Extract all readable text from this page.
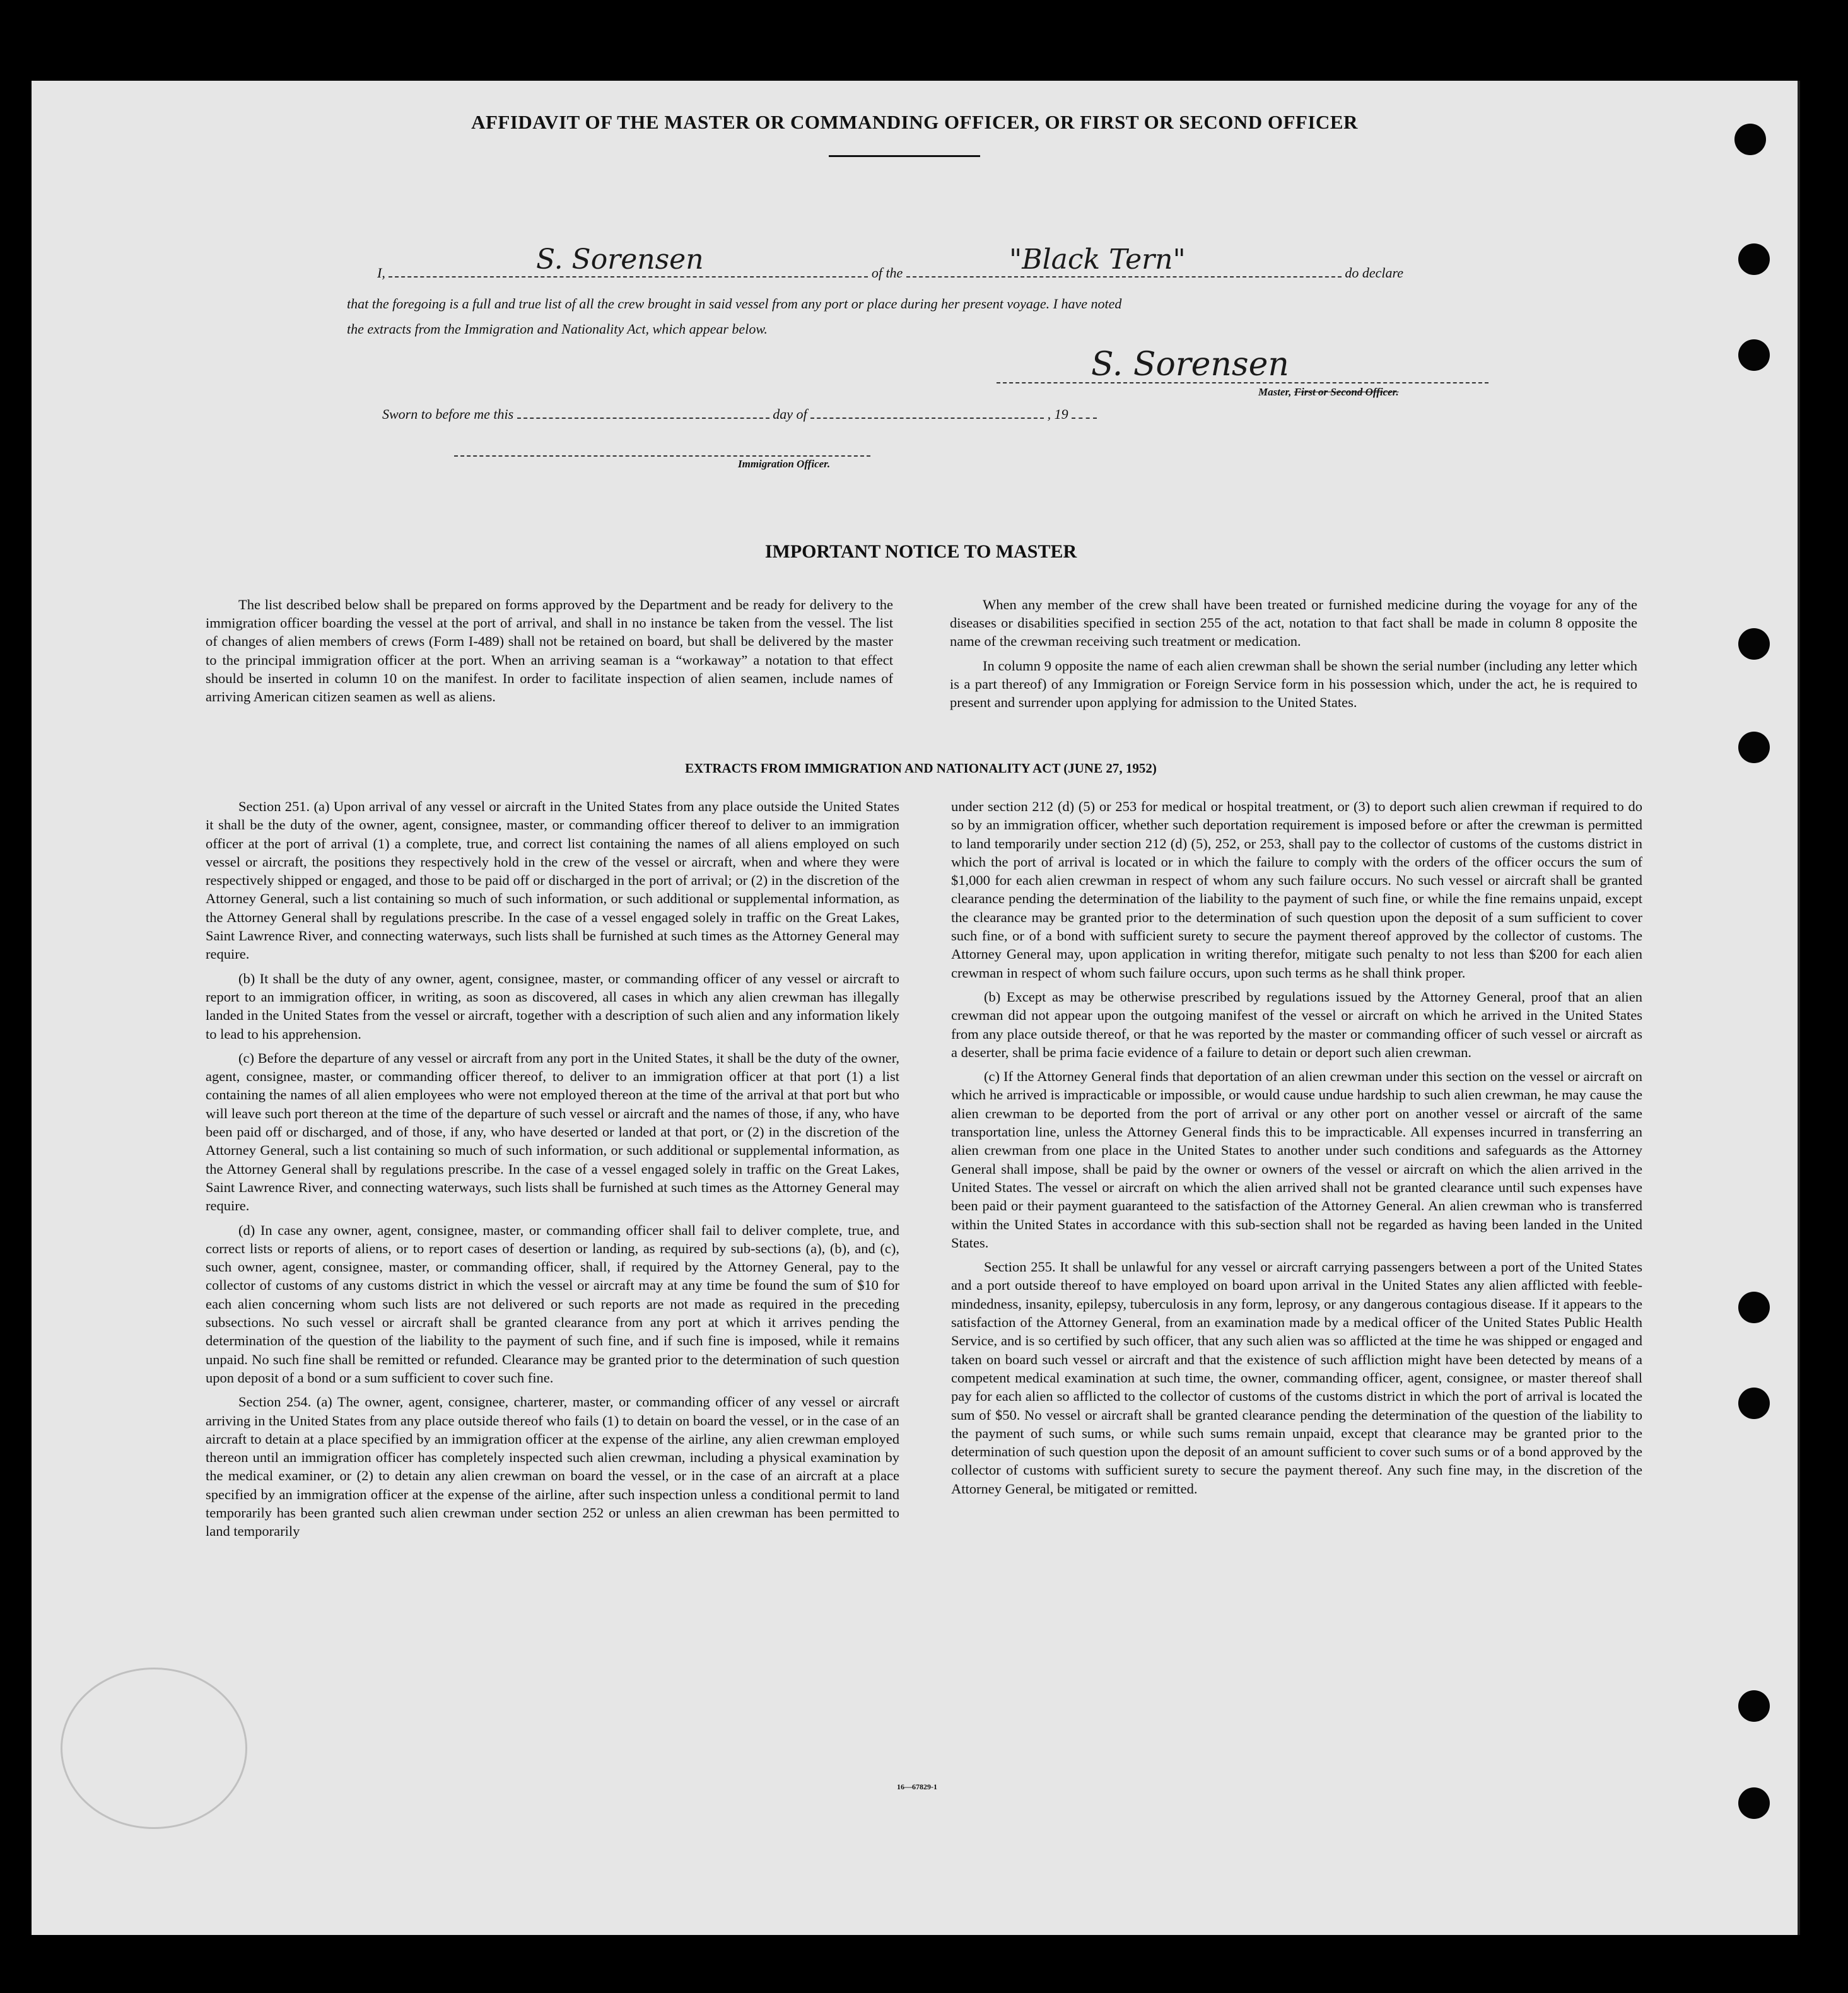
AFFIDAVIT OF THE MASTER OR COMMANDING OFFICER, OR FIRST OR SECOND OFFICER
I,	of the	do declare
S. Sorensen	"Black Tern"
that the foregoing is a full and true list of all the crew brought in said vessel from any port or place during her present voyage. I have noted
the extracts from the Immigration and Nationality Act, which appear below.
S. Sorensen
Master, First or Second Officer.
Sworn to before me this	day of	, 19
Immigration Officer.
IMPORTANT NOTICE TO MASTER

The list described below shall be prepared on forms approved by the Department and be ready for delivery to the immigration officer boarding the vessel at the port of arrival, and shall in no instance be taken from the vessel. The list of changes of alien members of crews (Form I-489) shall not be retained on board, but shall be delivered by the master to the principal immigration officer at the port. When an arriving seaman is a “workaway” a notation to that effect should be inserted in column 10 on the manifest. In order to facilitate inspection of alien seamen, include names of arriving American citizen seamen as well as aliens.

When any member of the crew shall have been treated or furnished medicine during the voyage for any of the diseases or disabilities specified in section 255 of the act, notation to that fact shall be made in column 8 opposite the name of the crewman receiving such treatment or medication.

In column 9 opposite the name of each alien crewman shall be shown the serial number (including any letter which is a part thereof) of any Immigration or Foreign Service form in his possession which, under the act, he is required to present and surrender upon applying for admission to the United States.

EXTRACTS FROM IMMIGRATION AND NATIONALITY ACT (JUNE 27, 1952)

Section 251. (a) Upon arrival of any vessel or aircraft in the United States from any place outside the United States it shall be the duty of the owner, agent, consignee, master, or commanding officer thereof to deliver to an immigration officer at the port of arrival (1) a complete, true, and correct list containing the names of all aliens employed on such vessel or aircraft, the positions they respectively hold in the crew of the vessel or aircraft, when and where they were respectively shipped or engaged, and those to be paid off or discharged in the port of arrival; or (2) in the discretion of the Attorney General, such a list containing so much of such information, or such additional or supplemental information, as the Attorney General shall by regulations prescribe. In the case of a vessel engaged solely in traffic on the Great Lakes, Saint Lawrence River, and connecting waterways, such lists shall be furnished at such times as the Attorney General may require.

(b) It shall be the duty of any owner, agent, consignee, master, or commanding officer of any vessel or aircraft to report to an immigration officer, in writing, as soon as discovered, all cases in which any alien crewman has illegally landed in the United States from the vessel or aircraft, together with a description of such alien and any information likely to lead to his apprehension.

(c) Before the departure of any vessel or aircraft from any port in the United States, it shall be the duty of the owner, agent, consignee, master, or commanding officer thereof, to deliver to an immigration officer at that port (1) a list containing the names of all alien employees who were not employed thereon at the time of the arrival at that port but who will leave such port thereon at the time of the departure of such vessel or aircraft and the names of those, if any, who have been paid off or discharged, and of those, if any, who have deserted or landed at that port, or (2) in the discretion of the Attorney General, such a list containing so much of such information, or such additional or supplemental information, as the Attorney General shall by regulations prescribe. In the case of a vessel engaged solely in traffic on the Great Lakes, Saint Lawrence River, and connecting waterways, such lists shall be furnished at such times as the Attorney General may require.

(d) In case any owner, agent, consignee, master, or commanding officer shall fail to deliver complete, true, and correct lists or reports of aliens, or to report cases of desertion or landing, as required by sub-sections (a), (b), and (c), such owner, agent, consignee, master, or commanding officer, shall, if required by the Attorney General, pay to the collector of customs of any customs district in which the vessel or aircraft may at any time be found the sum of $10 for each alien concerning whom such lists are not delivered or such reports are not made as required in the preceding subsections. No such vessel or aircraft shall be granted clearance from any port at which it arrives pending the determination of the question of the liability to the payment of such fine, and if such fine is imposed, while it remains unpaid. No such fine shall be remitted or refunded. Clearance may be granted prior to the determination of such question upon deposit of a bond or a sum sufficient to cover such fine.

Section 254. (a) The owner, agent, consignee, charterer, master, or commanding officer of any vessel or aircraft arriving in the United States from any place outside thereof who fails (1) to detain on board the vessel, or in the case of an aircraft to detain at a place specified by an immigration officer at the expense of the airline, any alien crewman employed thereon until an immigration officer has completely inspected such alien crewman, including a physical examination by the medical examiner, or (2) to detain any alien crewman on board the vessel, or in the case of an aircraft at a place specified by an immigration officer at the expense of the airline, after such inspection unless a conditional permit to land temporarily has been granted such alien crewman under section 252 or unless an alien crewman has been permitted to land temporarily

under section 212 (d) (5) or 253 for medical or hospital treatment, or (3) to deport such alien crewman if required to do so by an immigration officer, whether such deportation requirement is imposed before or after the crewman is permitted to land temporarily under section 212 (d) (5), 252, or 253, shall pay to the collector of customs of the customs district in which the port of arrival is located or in which the failure to comply with the orders of the officer occurs the sum of $1,000 for each alien crewman in respect of whom any such failure occurs. No such vessel or aircraft shall be granted clearance pending the determination of the liability to the payment of such fine, or while the fine remains unpaid, except the clearance may be granted prior to the determination of such question upon the deposit of a sum sufficient to cover such fine, or of a bond with sufficient surety to secure the payment thereof approved by the collector of customs. The Attorney General may, upon application in writing therefor, mitigate such penalty to not less than $200 for each alien crewman in respect of whom such failure occurs, upon such terms as he shall think proper.

(b) Except as may be otherwise prescribed by regulations issued by the Attorney General, proof that an alien crewman did not appear upon the outgoing manifest of the vessel or aircraft on which he arrived in the United States from any place outside thereof, or that he was reported by the master or commanding officer of such vessel or aircraft as a deserter, shall be prima facie evidence of a failure to detain or deport such alien crewman.

(c) If the Attorney General finds that deportation of an alien crewman under this section on the vessel or aircraft on which he arrived is impracticable or impossible, or would cause undue hardship to such alien crewman, he may cause the alien crewman to be deported from the port of arrival or any other port on another vessel or aircraft of the same transportation line, unless the Attorney General finds this to be impracticable. All expenses incurred in transferring an alien crewman from one place in the United States to another under such conditions and safeguards as the Attorney General shall impose, shall be paid by the owner or owners of the vessel or aircraft on which the alien arrived in the United States. The vessel or aircraft on which the alien arrived shall not be granted clearance until such expenses have been paid or their payment guaranteed to the satisfaction of the Attorney General. An alien crewman who is transferred within the United States in accordance with this sub-section shall not be regarded as having been landed in the United States.

Section 255. It shall be unlawful for any vessel or aircraft carrying passengers between a port of the United States and a port outside thereof to have employed on board upon arrival in the United States any alien afflicted with feeble-mindedness, insanity, epilepsy, tuberculosis in any form, leprosy, or any dangerous contagious disease. If it appears to the satisfaction of the Attorney General, from an examination made by a medical officer of the United States Public Health Service, and is so certified by such officer, that any such alien was so afflicted at the time he was shipped or engaged and taken on board such vessel or aircraft and that the existence of such affliction might have been detected by means of a competent medical examination at such time, the owner, commanding officer, agent, consignee, or master thereof shall pay for each alien so afflicted to the collector of customs of the customs district in which the port of arrival is located the sum of $50. No vessel or aircraft shall be granted clearance pending the determination of the question of the liability to the payment of such sums, or while such sums remain unpaid, except that clearance may be granted prior to the determination of such question upon the deposit of an amount sufficient to cover such sums or of a bond approved by the collector of customs with sufficient surety to secure the payment thereof. Any such fine may, in the discretion of the Attorney General, be mitigated or remitted.

16—67829-1
